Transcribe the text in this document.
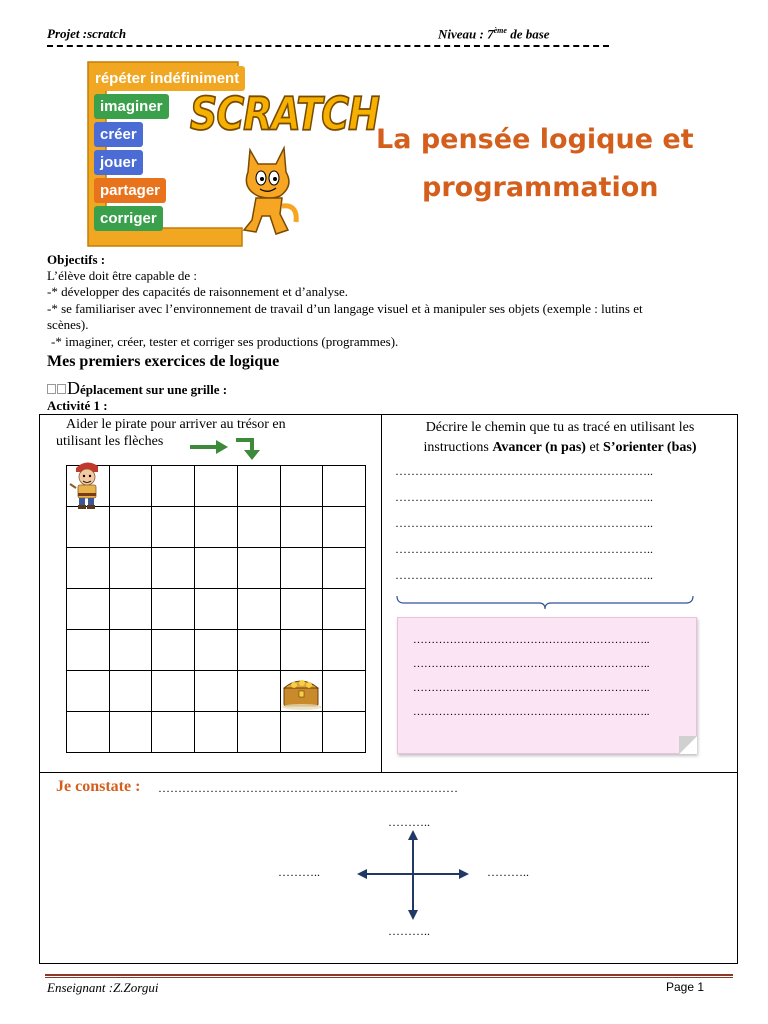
Projet :scratch	Niveau : 7ème de base
répéter indéfiniment
imaginer
créer
jouer
partager
corriger
SCRATCH
La pensée logique et
programmation
Objectifs :
L’élève doit être capable de :
-* développer des capacités de raisonnement et d’analyse.
-* se familiariser avec l’environnement de travail d’un langage visuel et à manipuler ses objets (exemple : lutins et
scènes).
-* imaginer, créer, tester et corriger ses productions (programmes).
Mes premiers exercices de logique
Déplacement sur une grille :
Activité 1 :
Aider le pirate pour arriver au trésor en
utilisant les flèches

Décrire le chemin que tu as tracé en utilisant les
instructions Avancer (n pas) et S’orienter (bas)
………………………………………………………..
………………………………………………………..
………………………………………………………..
………………………………………………………..
………………………………………………………..
………………………………………………………..
………………………………………………………..
………………………………………………………..
………………………………………………………..
Je constate : …………………………………………………………………
………..
………..	………..
………..
Enseignant :Z.Zorgui	Page 1
